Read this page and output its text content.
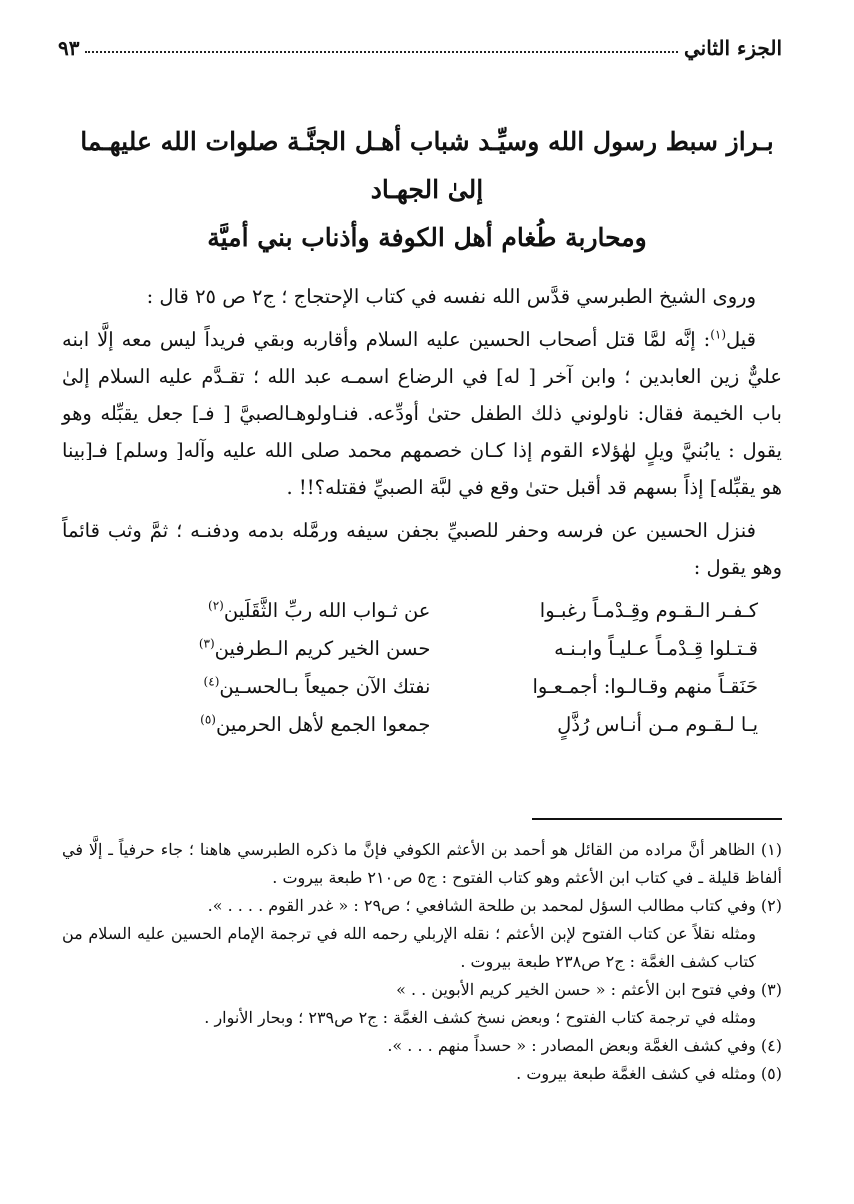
الجزء الثاني
٩٣
بـراز سبط رسول الله وسيِّـد شباب أهـل الجنَّـة صلوات الله عليهـما إلىٰ الجهـاد
ومحاربة طُغام أهل الكوفة وأذناب بني أميَّة

وروى الشيخ الطبرسي قدَّس الله نفسه في كتاب الإحتجاج ؛ ج٢ ص ٢٥ قال :

قيل$^{(١)}$: إنَّه لمَّا قتل أصحاب الحسين عليه السلام وأقاربه وبقي فريداً ليس معه إلَّا ابنه عليٌّ زين العابدين ؛ وابن آخر [ له] في الرضاع اسمـه عبد الله ؛ تقـدَّم عليه السلام إلىٰ باب الخيمة فقال: ناولوني ذلك الطفل حتىٰ أودِّعه. فنـاولوهـالصبيَّ [ فـ] جعل يقبِّله وهو يقول : يابُنيَّ ويلٍ لهٰؤلاء القوم إذا كـان خصمهم محمد صلى الله عليه وآله[ وسلم] فـ[بينا هو يقبِّله] إذاً بسهم قد أقبل حتىٰ وقع في لبَّة الصبيِّ فقتله؟!! .

فنزل الحسين عن فرسه وحفر للصبيِّ بجفن سيفه ورمَّله بدمه ودفنـه ؛ ثمَّ وثب قائماً وهو يقول :

كـفـر الـقـوم وقِـدْمـاً رغبـوا
عن ثـواب الله ربِّ الثَّقَلَين$^{(٢)}$
قـتـلوا قِـدْمـاً عـليـاً وابـنـه
حسن الخير كريم الـطرفين$^{(٣)}$
حَنَقـاً منهم وقـالـوا: أجمـعـوا
نفتك الآن جميعاً بـالحسـين$^{(٤)}$
يـا لـقـوم مـن أنـاس رُذَّلٍ
جمعوا الجمع لأهل الحرمين$^{(٥)}$

(١) الظاهر أنَّ مراده من القائل هو أحمد بن الأعثم الكوفي فإنَّ ما ذكره الطبرسي هاهنا ؛ جاء حرفياً ـ إلَّا في ألفاظ قليلة ـ في كتاب ابن الأعثم وهو كتاب الفتوح : ج٥ ص٢١٠ طبعة بيروت .

(٢) وفي كتاب مطالب السؤل لمحمد بن طلحة الشافعي ؛ ص٢٩ : « غدر القوم . . . . ».

ومثله نقلاً عن كتاب الفتوح لإبن الأعثم ؛ نقله الإربلي رحمه الله في ترجمة الإمام الحسين عليه السلام من كتاب كشف الغمَّة : ج٢ ص٢٣٨ طبعة بيروت .

(٣) وفي فتوح ابن الأعثم : « حسن الخير كريم الأبوين . . »

ومثله في ترجمة كتاب الفتوح ؛ وبعض نسخ كشف الغمَّة : ج٢ ص٢٣٩ ؛ وبحار الأنوار .

(٤) وفي كشف الغمَّة وبعض المصادر : « حسداً منهم . . . ».

(٥) ومثله في كشف الغمَّة طبعة بيروت .
